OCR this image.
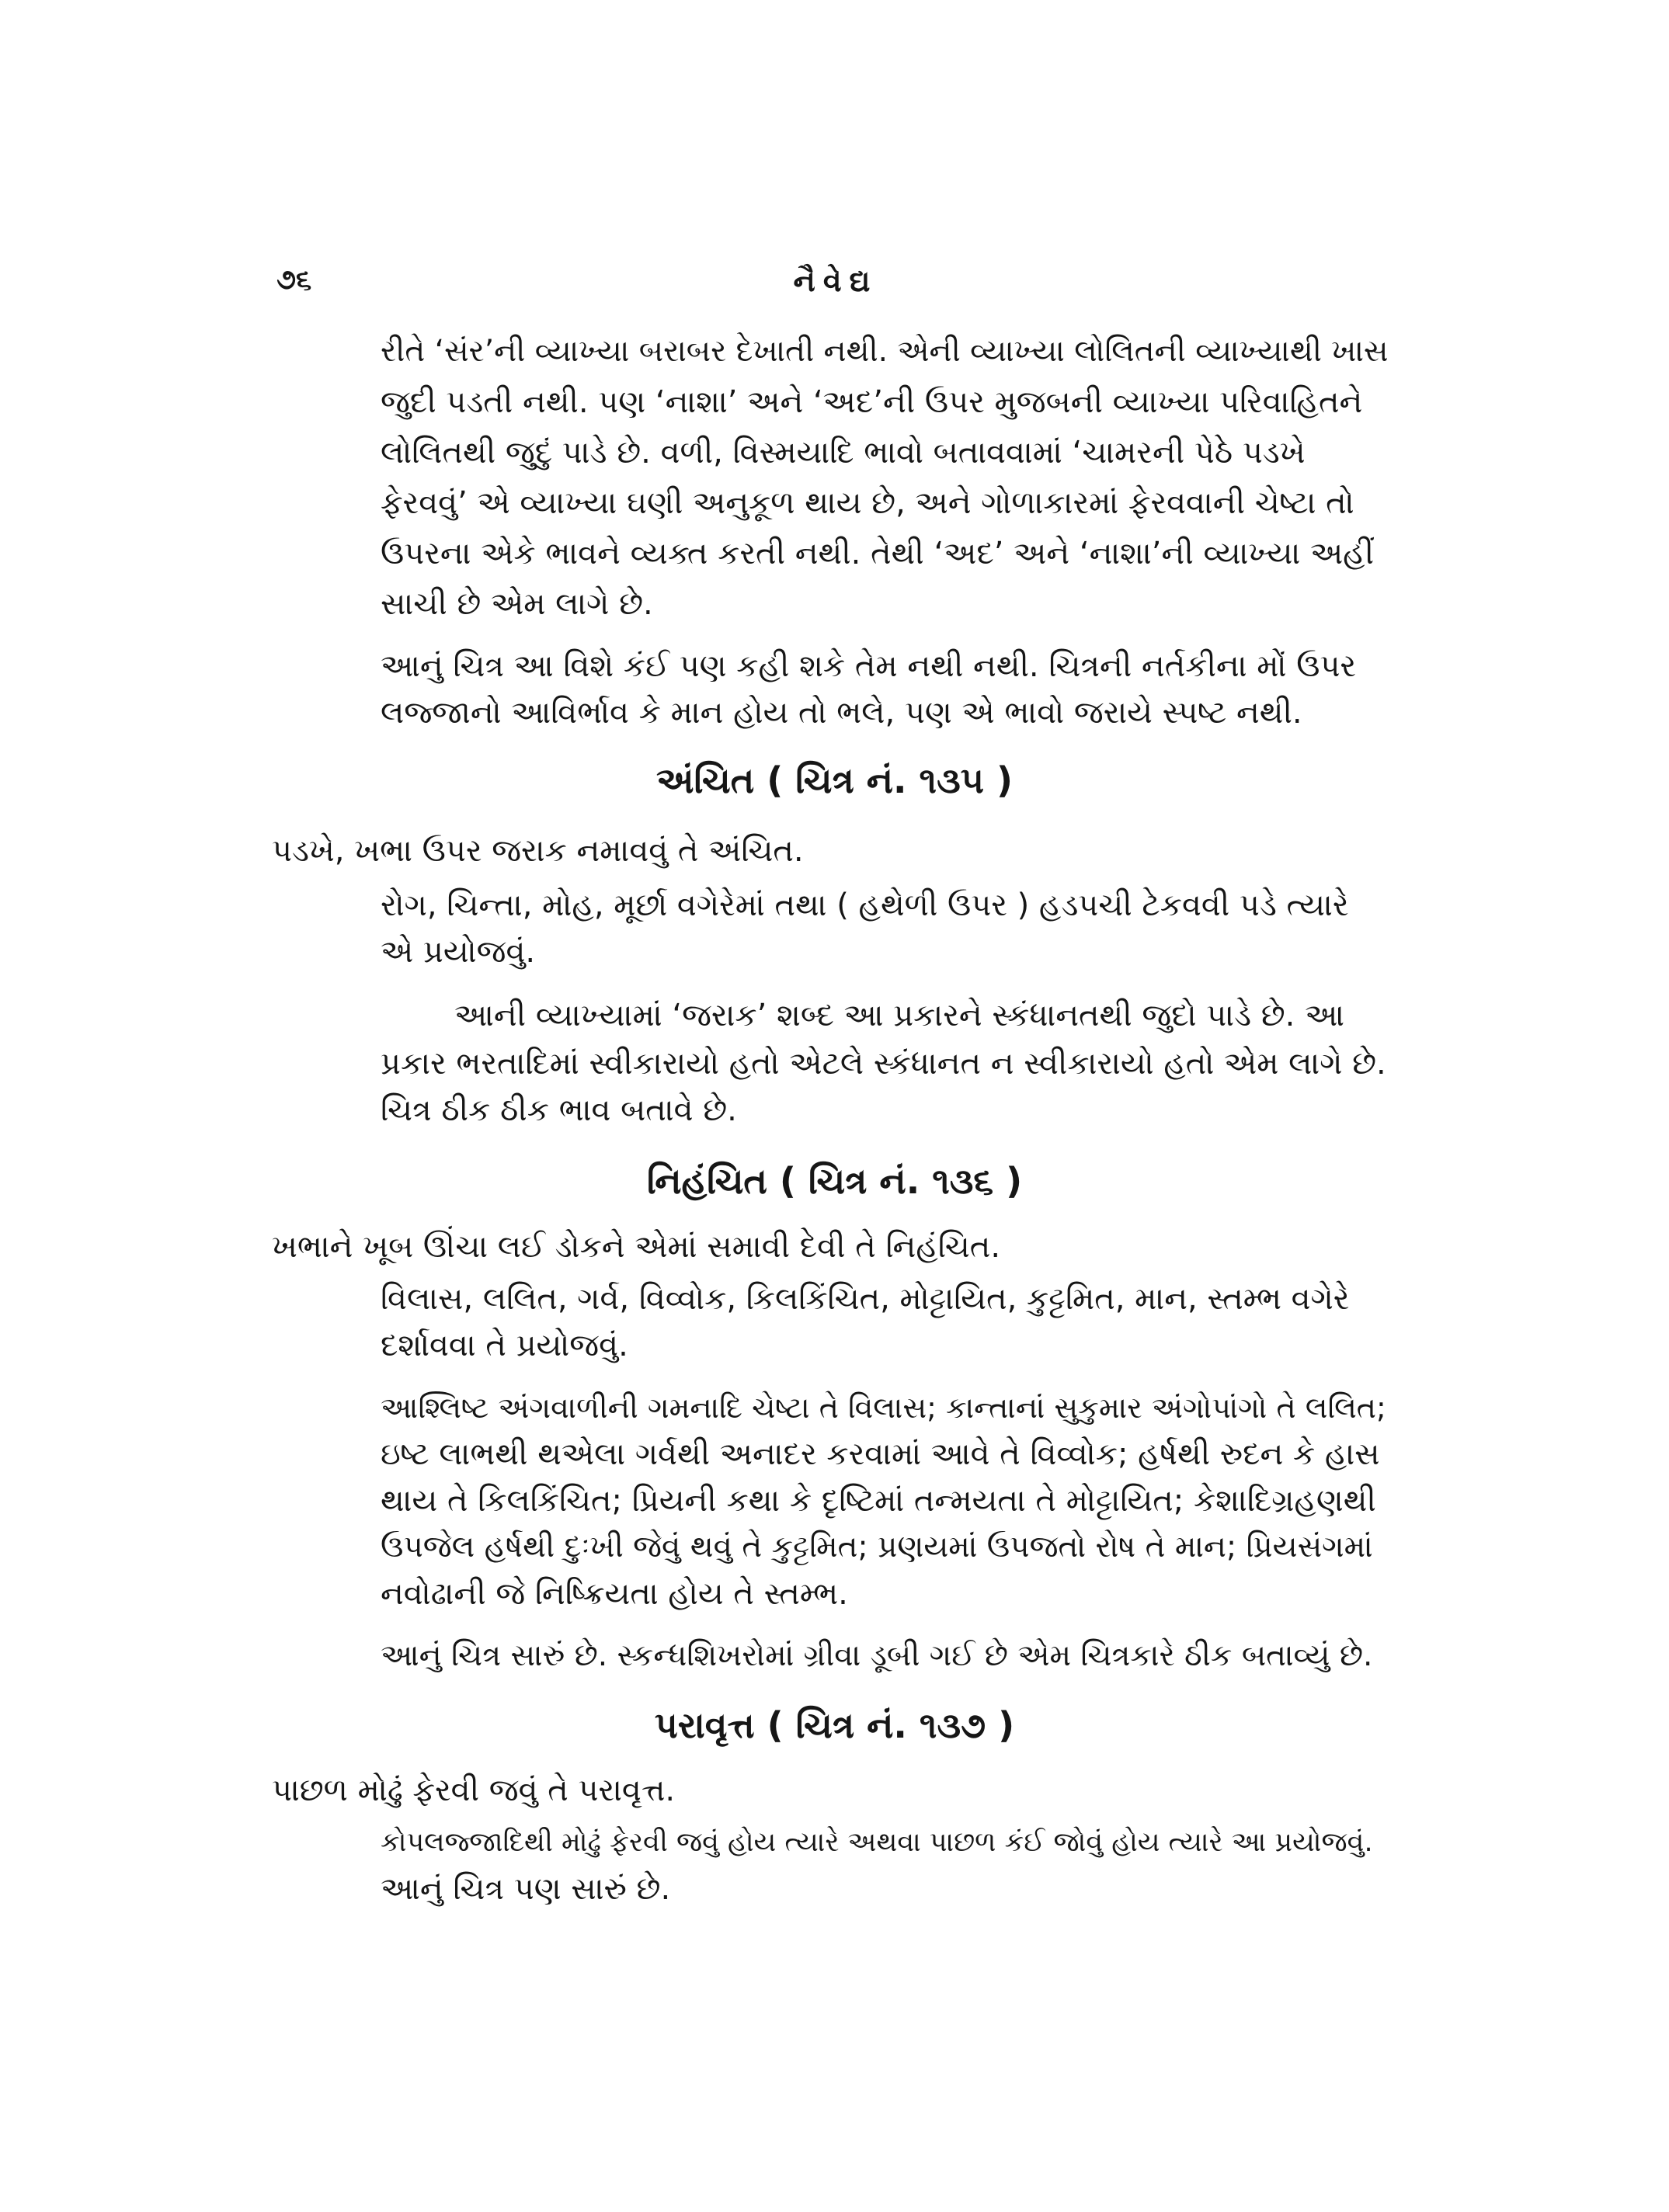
૭૬	નૈવેદ્ય
રીતે ‘સંર’ની વ્યાખ્યા બરાબર દેખાતી નથી. એની વ્યાખ્યા લોલિતની વ્યાખ્યાથી ખાસ
જુદી પડતી નથી. પણ ‘નાશા’ અને ‘અદ’ની ઉપર મુજબની વ્યાખ્યા પરિવાહિતને
લોલિતથી જુદું પાડે છે. વળી, વિસ્મયાદિ ભાવો બતાવવામાં ‘ચામરની પેઠે પડખે
ફેરવવું’ એ વ્યાખ્યા ઘણી અનુકૂળ થાય છે, અને ગોળાકારમાં ફેરવવાની ચેષ્ટા તો
ઉપરના એકે ભાવને વ્યક્ત કરતી નથી. તેથી ‘અદ’ અને ‘નાશા’ની વ્યાખ્યા અહીં
સાચી છે એમ લાગે છે.
આનું ચિત્ર આ વિશે કંઈ પણ કહી શકે તેમ નથી નથી. ચિત્રની નર્તકીના મોં ઉપર
લજ્જાનો આવિર્ભાવ કે માન હોય તો ભલે, પણ એ ભાવો જરાયે સ્પષ્ટ નથી.
અંચિત ( ચિત્ર નં. ૧૩૫ )
પડખે, ખભા ઉપર જરાક નમાવવું તે અંચિત.
રોગ, ચિન્તા, મોહ, મૂર્છા વગેરેમાં તથા ( હથેળી ઉપર ) હડપચી ટેકવવી પડે ત્યારે
એ પ્રયોજવું.
આની વ્યાખ્યામાં ‘જરાક’ શબ્દ આ પ્રકારને સ્કંધાનતથી જુદો પાડે છે. આ
પ્રકાર ભરતાદિમાં સ્વીકારાયો હતો એટલે સ્કંધાનત ન સ્વીકારાયો હતો એમ લાગે છે.
ચિત્ર ઠીક ઠીક ભાવ બતાવે છે.
નિહંચિત ( ચિત્ર નં. ૧૩૬ )
ખભાને ખૂબ ઊંચા લઈ ડોકને એમાં સમાવી દેવી તે નિહંચિત.
વિલાસ, લલિત, ગર્વ, વિવ્વોક, કિલકિંચિત, મોટ્ટાયિત, કુટ્ટમિત, માન, સ્તમ્ભ વગેરે
દર્શાવવા તે પ્રયોજવું.
આશ્લિષ્ટ અંગવાળીની ગમનાદિ ચેષ્ટા તે વિલાસ; કાન્તાનાં સુકુમાર અંગોપાંગો તે લલિત;
ઇષ્ટ લાભથી થએલા ગર્વથી અનાદર કરવામાં આવે તે વિવ્વોક; હર્ષથી રુદન કે હાસ
થાય તે કિલકિંચિત; પ્રિયની કથા કે દૃષ્ટિમાં તન્મયતા તે મોટ્ટાયિત; કેશાદિગ્રહણથી
ઉપજેલ હર્ષથી દુઃખી જેવું થવું તે કુટ્ટમિત; પ્રણયમાં ઉપજતો રોષ તે માન; પ્રિયસંગમાં
નવોઢાની જે નિષ્ક્રિયતા હોય તે સ્તમ્ભ.
આનું ચિત્ર સારું છે. સ્કન્ધશિખરોમાં ગ્રીવા ડૂબી ગઈ છે એમ ચિત્રકારે ઠીક બતાવ્યું છે.
પરાવૃત્ત ( ચિત્ર નં. ૧૩૭ )
પાછળ મોઢું ફેરવી જવું તે પરાવૃત્ત.
કોપલજ્જાદિથી મોઢું ફેરવી જવું હોય ત્યારે અથવા પાછળ કંઈ જોવું હોય ત્યારે આ પ્રયોજવું.
આનું ચિત્ર પણ સારું છે.
